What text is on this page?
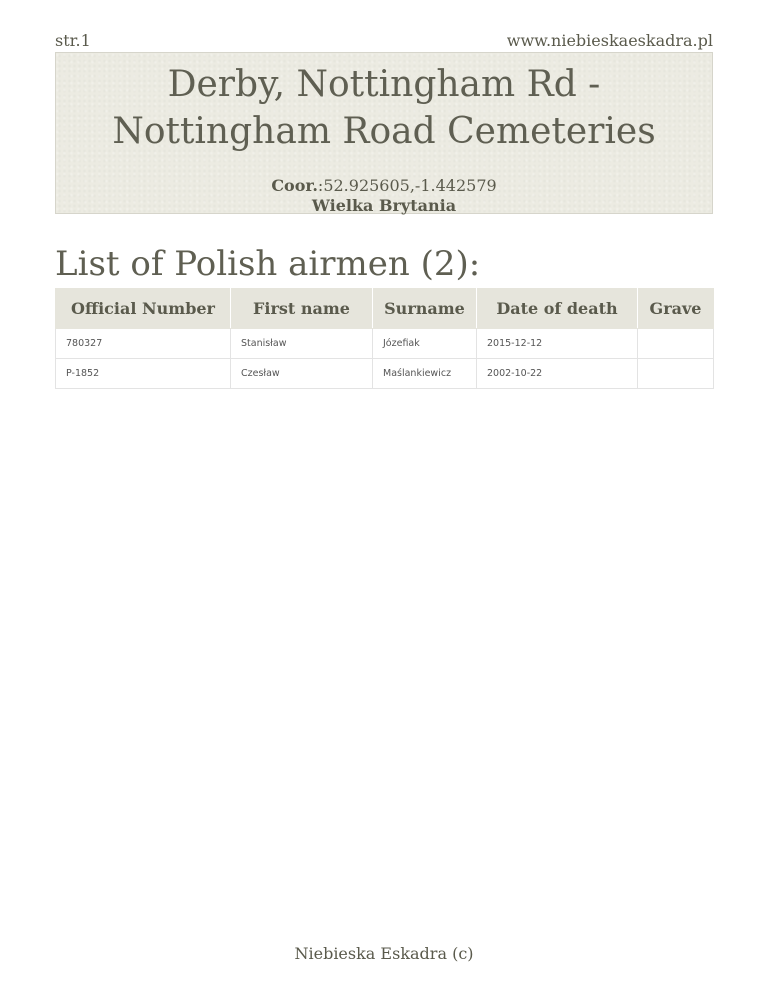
str.1	www.niebieskaeskadra.pl
Derby, Nottingham Rd - Nottingham Road Cemeteries
Coor.:52.925605,-1.442579
Wielka Brytania
List of Polish airmen (2):
Official Number	First name	Surname	Date of death	Grave
780327	Stanisław	Józefiak	2015-12-12	
P-1852	Czesław	Maślankiewicz	2002-10-22	
Niebieska Eskadra (c)
